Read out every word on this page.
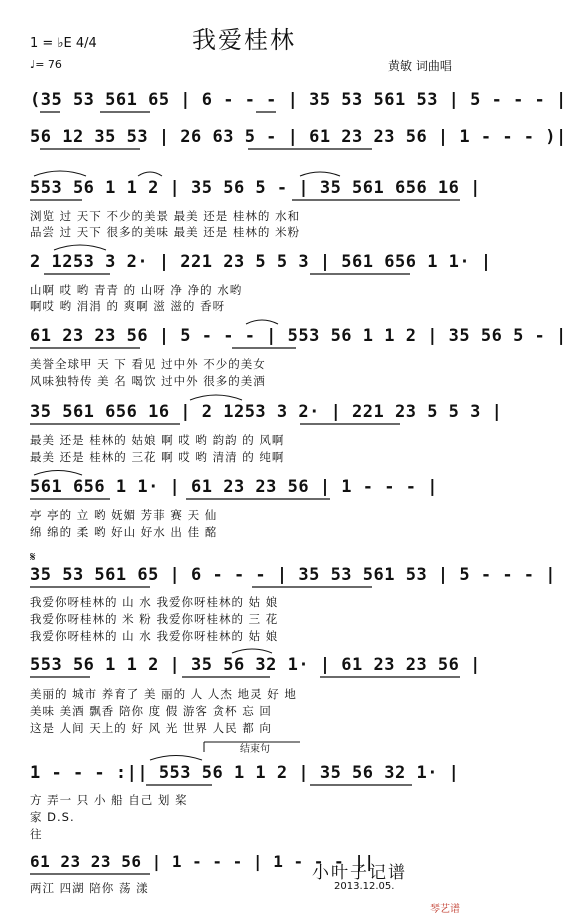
我爱桂林
1 = ♭E 4/4
♩= 76	黄敏 词曲唱
(35 53 561 65 | 6 - - - | 35 53 561 53 | 5 - - - |
56 12 35 53 | 26 63 5 - | 61 23 23 56 | 1 - - - )|
553 56 1 1 2 | 35 56 5 - | 35 561 656 16 |
浏览 过 天下 不少的美景 最美 还是 桂林的 水和
品尝 过 天下 很多的美味 最美 还是 桂林的 米粉
2 1253 3 2· | 221 23 5 5 3 | 561 656 1 1· |
山啊 哎 哟 青青 的 山呀 净 净的 水哟
啊哎 哟 涓涓 的 爽啊 滋 滋的 香呀
61 23 23 56 | 5 - - - | 553 56 1 1 2 | 35 56 5 - |
美誉全球甲 天 下 看见 过中外 不少的美女
风味独特传 美 名 喝饮 过中外 很多的美酒
35 561 656 16 | 2 1253 3 2· | 221 23 5 5 3 |
最美 还是 桂林的 姑娘 啊 哎 哟 韵韵 的 风啊
最美 还是 桂林的 三花 啊 哎 哟 清清 的 纯啊
561 656 1 1· | 61 23 23 56 | 1 - - - |
亭 亭的 立 哟 妩媚 芳菲 赛 天 仙
绵 绵的 柔 哟 好山 好水 出 佳 酩
𝄋
35 53 561 65 | 6 - - - | 35 53 561 53 | 5 - - - |
我爱你呀桂林的 山 水 我爱你呀桂林的 姑 娘
我爱你呀桂林的 米 粉 我爱你呀桂林的 三 花
我爱你呀桂林的 山 水 我爱你呀桂林的 姑 娘
553 56 1 1 2 | 35 56 32 1· | 61 23 23 56 |
美丽的 城市 养育了 美 丽的 人 人杰 地灵 好 地
美味 美酒 飘香 陪你 度 假 游客 贪杯 忘 回
这是 人间 天上的 好 风 光 世界 人民 都 向
结束句
1 - - - :|| 553 56 1 1 2 | 35 56 32 1· |
方 弄一 只 小 船 自己 划 桨
家 D.S.
往
61 23 23 56 | 1 - - - | 1 - - - ||
两江 四湖 陪你 荡 漾
小叶子记谱
2013.12.05.
琴艺谱
